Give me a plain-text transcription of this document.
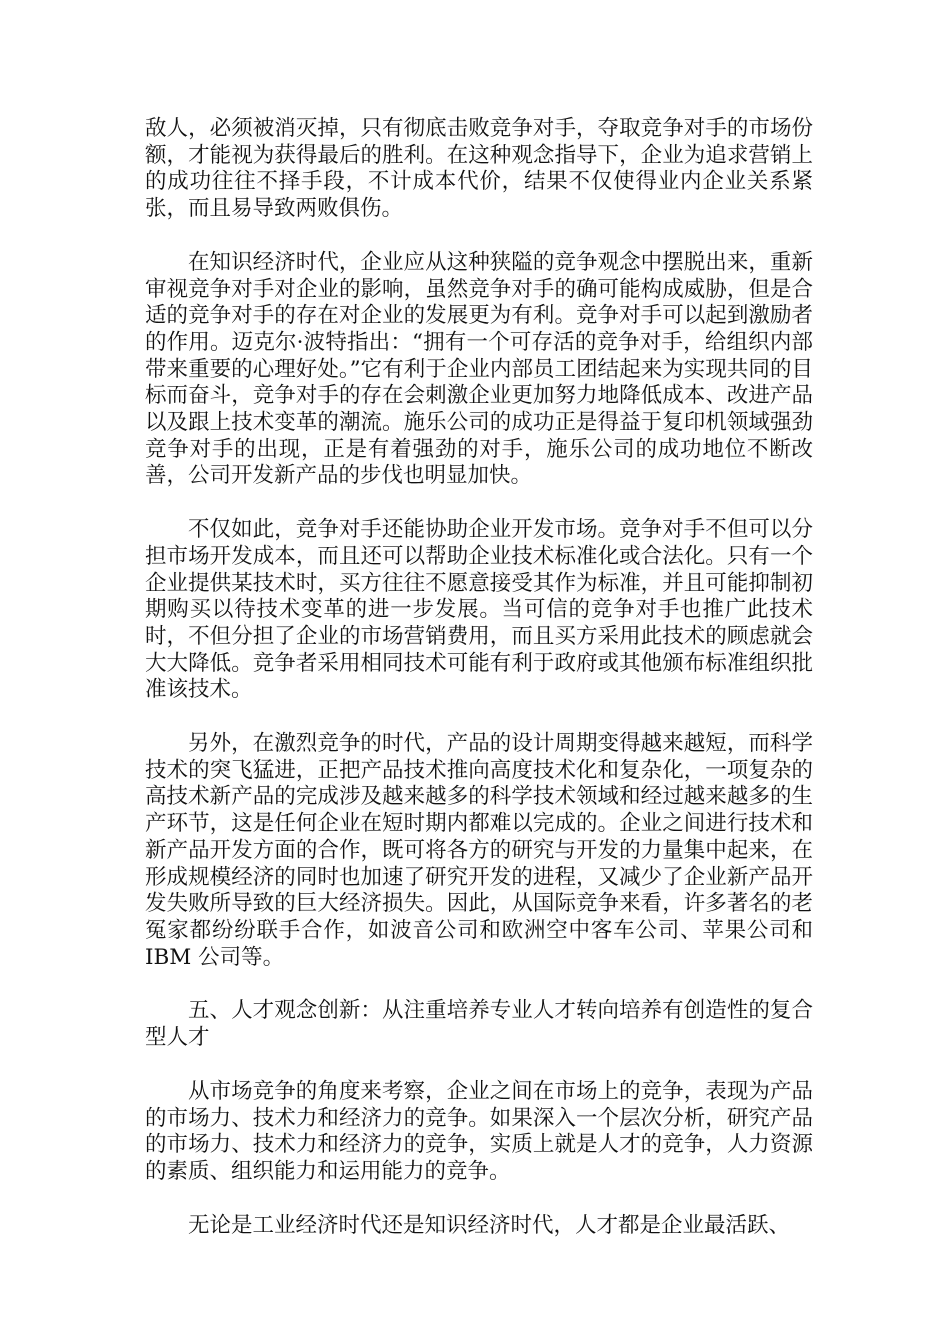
敌人，必须被消灭掉，只有彻底击败竞争对手，夺取竞争对手的市场份额，才能视为获得最后的胜利。在这种观念指导下，企业为追求营销上的成功往往不择手段，不计成本代价，结果不仅使得业内企业关系紧张，而且易导致两败俱伤。

在知识经济时代，企业应从这种狭隘的竞争观念中摆脱出来，重新审视竞争对手对企业的影响，虽然竞争对手的确可能构成威胁，但是合适的竞争对手的存在对企业的发展更为有利。竞争对手可以起到激励者的作用。迈克尔·波特指出：“拥有一个可存活的竞争对手，给组织内部带来重要的心理好处。”它有利于企业内部员工团结起来为实现共同的目标而奋斗，竞争对手的存在会刺激企业更加努力地降低成本、改进产品以及跟上技术变革的潮流。施乐公司的成功正是得益于复印机领域强劲竞争对手的出现，正是有着强劲的对手，施乐公司的成功地位不断改善，公司开发新产品的步伐也明显加快。

不仅如此，竞争对手还能协助企业开发市场。竞争对手不但可以分担市场开发成本，而且还可以帮助企业技术标准化或合法化。只有一个企业提供某技术时，买方往往不愿意接受其作为标准，并且可能抑制初期购买以待技术变革的进一步发展。当可信的竞争对手也推广此技术时，不但分担了企业的市场营销费用，而且买方采用此技术的顾虑就会大大降低。竞争者采用相同技术可能有利于政府或其他颁布标准组织批准该技术。

另外，在激烈竞争的时代，产品的设计周期变得越来越短，而科学技术的突飞猛进，正把产品技术推向高度技术化和复杂化，一项复杂的高技术新产品的完成涉及越来越多的科学技术领域和经过越来越多的生产环节，这是任何企业在短时期内都难以完成的。企业之间进行技术和新产品开发方面的合作，既可将各方的研究与开发的力量集中起来，在形成规模经济的同时也加速了研究开发的进程，又减少了企业新产品开发失败所导致的巨大经济损失。因此，从国际竞争来看，许多著名的老冤家都纷纷联手合作，如波音公司和欧洲空中客车公司、苹果公司和 IBM 公司等。

五、人才观念创新：从注重培养专业人才转向培养有创造性的复合型人才

从市场竞争的角度来考察，企业之间在市场上的竞争，表现为产品的市场力、技术力和经济力的竞争。如果深入一个层次分析，研究产品的市场力、技术力和经济力的竞争，实质上就是人才的竞争，人力资源的素质、组织能力和运用能力的竞争。

无论是工业经济时代还是知识经济时代，人才都是企业最活跃、
